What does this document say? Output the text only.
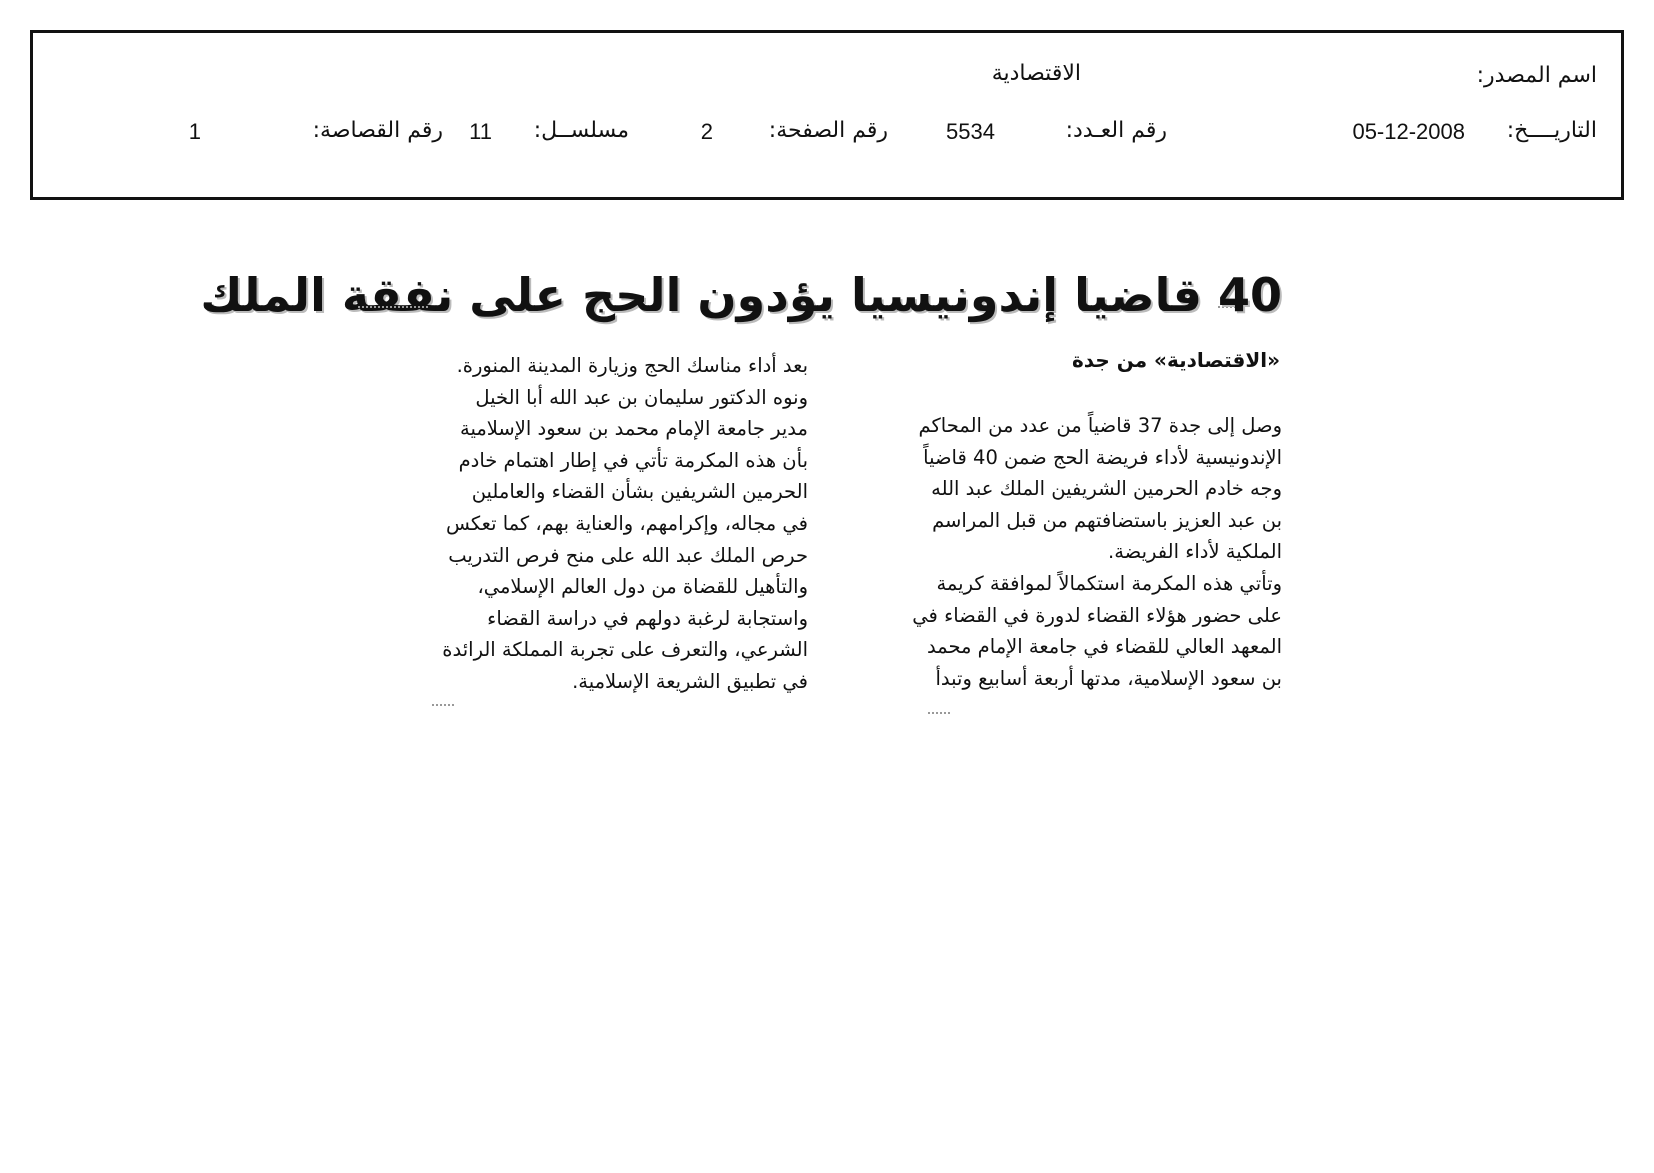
اسم المصدر:
الاقتصادية
التاريــــخ:
05-12-2008
رقم العـدد:
5534
رقم الصفحة:
2
مسلســل:
11
رقم القصاصة:
1
40 قاضيا إندونيسيا يؤدون الحج على نفقة الملك
«الاقتصادية» من جدة
وصل إلى جدة 37 قاضياً من عدد من المحاكم
الإندونيسية لأداء فريضة الحج ضمن 40 قاضياً
وجه خادم الحرمين الشريفين الملك عبد الله
بن عبد العزيز باستضافتهم من قبل المراسم
الملكية لأداء الفريضة.
وتأتي هذه المكرمة استكمالاً لموافقة كريمة
على حضور هؤلاء القضاء لدورة في القضاء في
المعهد العالي للقضاء في جامعة الإمام محمد
بن سعود الإسلامية، مدتها أربعة أسابيع وتبدأ
بعد أداء مناسك الحج وزيارة المدينة المنورة.
ونوه الدكتور سليمان بن عبد الله أبا الخيل
مدير جامعة الإمام محمد بن سعود الإسلامية
بأن هذه المكرمة تأتي في إطار اهتمام خادم
الحرمين الشريفين بشأن القضاء والعاملين
في مجاله، وإكرامهم، والعناية بهم، كما تعكس
حرص الملك عبد الله على منح فرص التدريب
والتأهيل للقضاة من دول العالم الإسلامي،
واستجابة لرغبة دولهم في دراسة القضاء
الشرعي، والتعرف على تجربة المملكة الرائدة
في تطبيق الشريعة الإسلامية.
